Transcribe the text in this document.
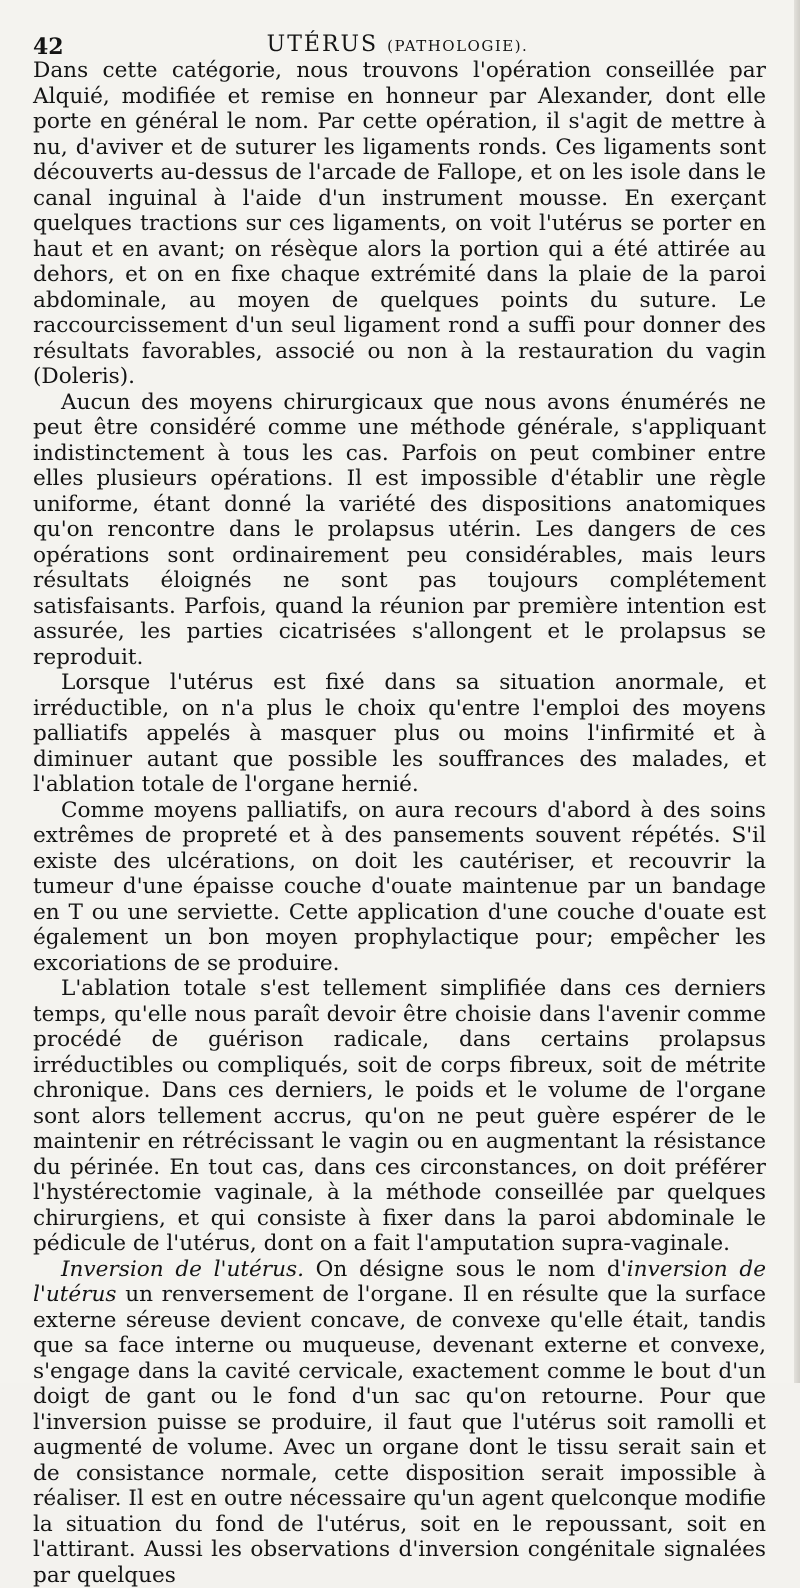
42	UTÉRUS (PATHOLOGIE).

Dans cette catégorie, nous trouvons l'opération conseillée par Alquié, modifiée et remise en honneur par Alexander, dont elle porte en général le nom. Par cette opération, il s'agit de mettre à nu, d'aviver et de suturer les ligaments ronds. Ces ligaments sont découverts au-dessus de l'arcade de Fallope, et on les isole dans le canal inguinal à l'aide d'un instrument mousse. En exerçant quelques tractions sur ces ligaments, on voit l'utérus se porter en haut et en avant; on résèque alors la portion qui a été attirée au dehors, et on en fixe chaque extrémité dans la plaie de la paroi abdominale, au moyen de quelques points du suture. Le raccourcissement d'un seul ligament rond a suffi pour donner des résultats favorables, associé ou non à la restauration du vagin (Doleris).

Aucun des moyens chirurgicaux que nous avons énumérés ne peut être considéré comme une méthode générale, s'appliquant indistinctement à tous les cas. Parfois on peut combiner entre elles plusieurs opérations. Il est impossible d'établir une règle uniforme, étant donné la variété des dispositions anatomiques qu'on rencontre dans le prolapsus utérin. Les dangers de ces opérations sont ordinairement peu considérables, mais leurs résultats éloignés ne sont pas toujours complétement satisfaisants. Parfois, quand la réunion par première intention est assurée, les parties cicatrisées s'allongent et le prolapsus se reproduit.

Lorsque l'utérus est fixé dans sa situation anormale, et irréductible, on n'a plus le choix qu'entre l'emploi des moyens palliatifs appelés à masquer plus ou moins l'infirmité et à diminuer autant que possible les souffrances des malades, et l'ablation totale de l'organe hernié.

Comme moyens palliatifs, on aura recours d'abord à des soins extrêmes de propreté et à des pansements souvent répétés. S'il existe des ulcérations, on doit les cautériser, et recouvrir la tumeur d'une épaisse couche d'ouate maintenue par un bandage en T ou une serviette. Cette application d'une couche d'ouate est également un bon moyen prophylactique pour; empêcher les excoriations de se produire.

L'ablation totale s'est tellement simplifiée dans ces derniers temps, qu'elle nous paraît devoir être choisie dans l'avenir comme procédé de guérison radicale, dans certains prolapsus irréductibles ou compliqués, soit de corps fibreux, soit de métrite chronique. Dans ces derniers, le poids et le volume de l'organe sont alors tellement accrus, qu'on ne peut guère espérer de le maintenir en rétrécissant le vagin ou en augmentant la résistance du périnée. En tout cas, dans ces circonstances, on doit préférer l'hystérectomie vaginale, à la méthode conseillée par quelques chirurgiens, et qui consiste à fixer dans la paroi abdominale le pédicule de l'utérus, dont on a fait l'amputation supra-vaginale.

Inversion de l'utérus. On désigne sous le nom d'inversion de l'utérus un renversement de l'organe. Il en résulte que la surface externe séreuse devient concave, de convexe qu'elle était, tandis que sa face interne ou muqueuse, devenant externe et convexe, s'engage dans la cavité cervicale, exactement comme le bout d'un doigt de gant ou le fond d'un sac qu'on retourne. Pour que l'inversion puisse se produire, il faut que l'utérus soit ramolli et augmenté de volume. Avec un organe dont le tissu serait sain et de consistance normale, cette disposition serait impossible à réaliser. Il est en outre nécessaire qu'un agent quelconque modifie la situation du fond de l'utérus, soit en le repoussant, soit en l'attirant. Aussi les observations d'inversion congénitale signalées par quelques
